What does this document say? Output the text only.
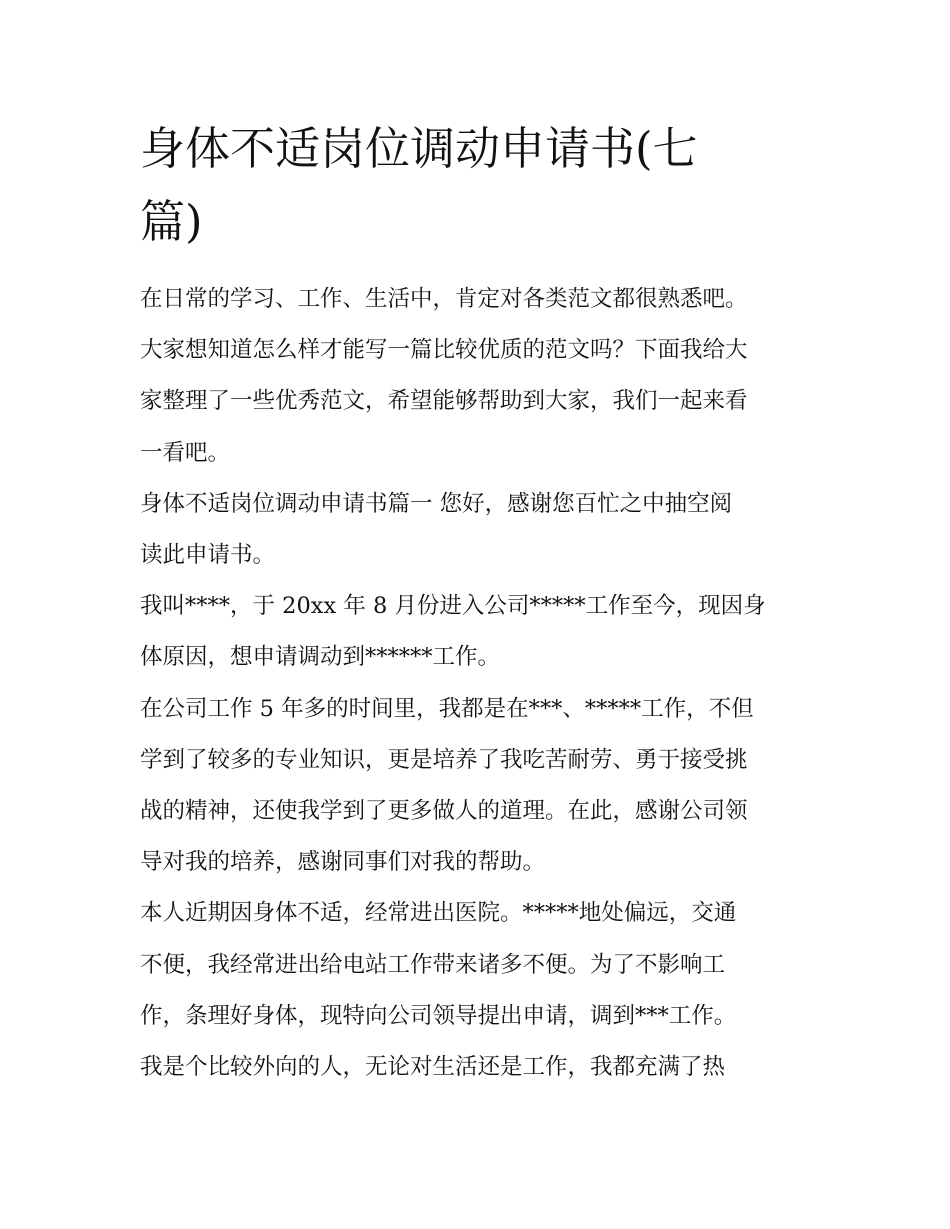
身体不适岗位调动申请书(七
篇)

在日常的学习、工作、生活中，肯定对各类范文都很熟悉吧。

大家想知道怎么样才能写一篇比较优质的范文吗？下面我给大

家整理了一些优秀范文，希望能够帮助到大家，我们一起来看

一看吧。

身体不适岗位调动申请书篇一 您好，感谢您百忙之中抽空阅

读此申请书。

我叫****，于 20xx 年 8 月份进入公司*****工作至今，现因身

体原因，想申请调动到******工作。

在公司工作 5 年多的时间里，我都是在***、*****工作，不但

学到了较多的专业知识，更是培养了我吃苦耐劳、勇于接受挑

战的精神，还使我学到了更多做人的道理。在此，感谢公司领

导对我的培养，感谢同事们对我的帮助。

本人近期因身体不适，经常进出医院。*****地处偏远，交通

不便，我经常进出给电站工作带来诸多不便。为了不影响工

作，条理好身体，现特向公司领导提出申请，调到***工作。

我是个比较外向的人，无论对生活还是工作，我都充满了热
